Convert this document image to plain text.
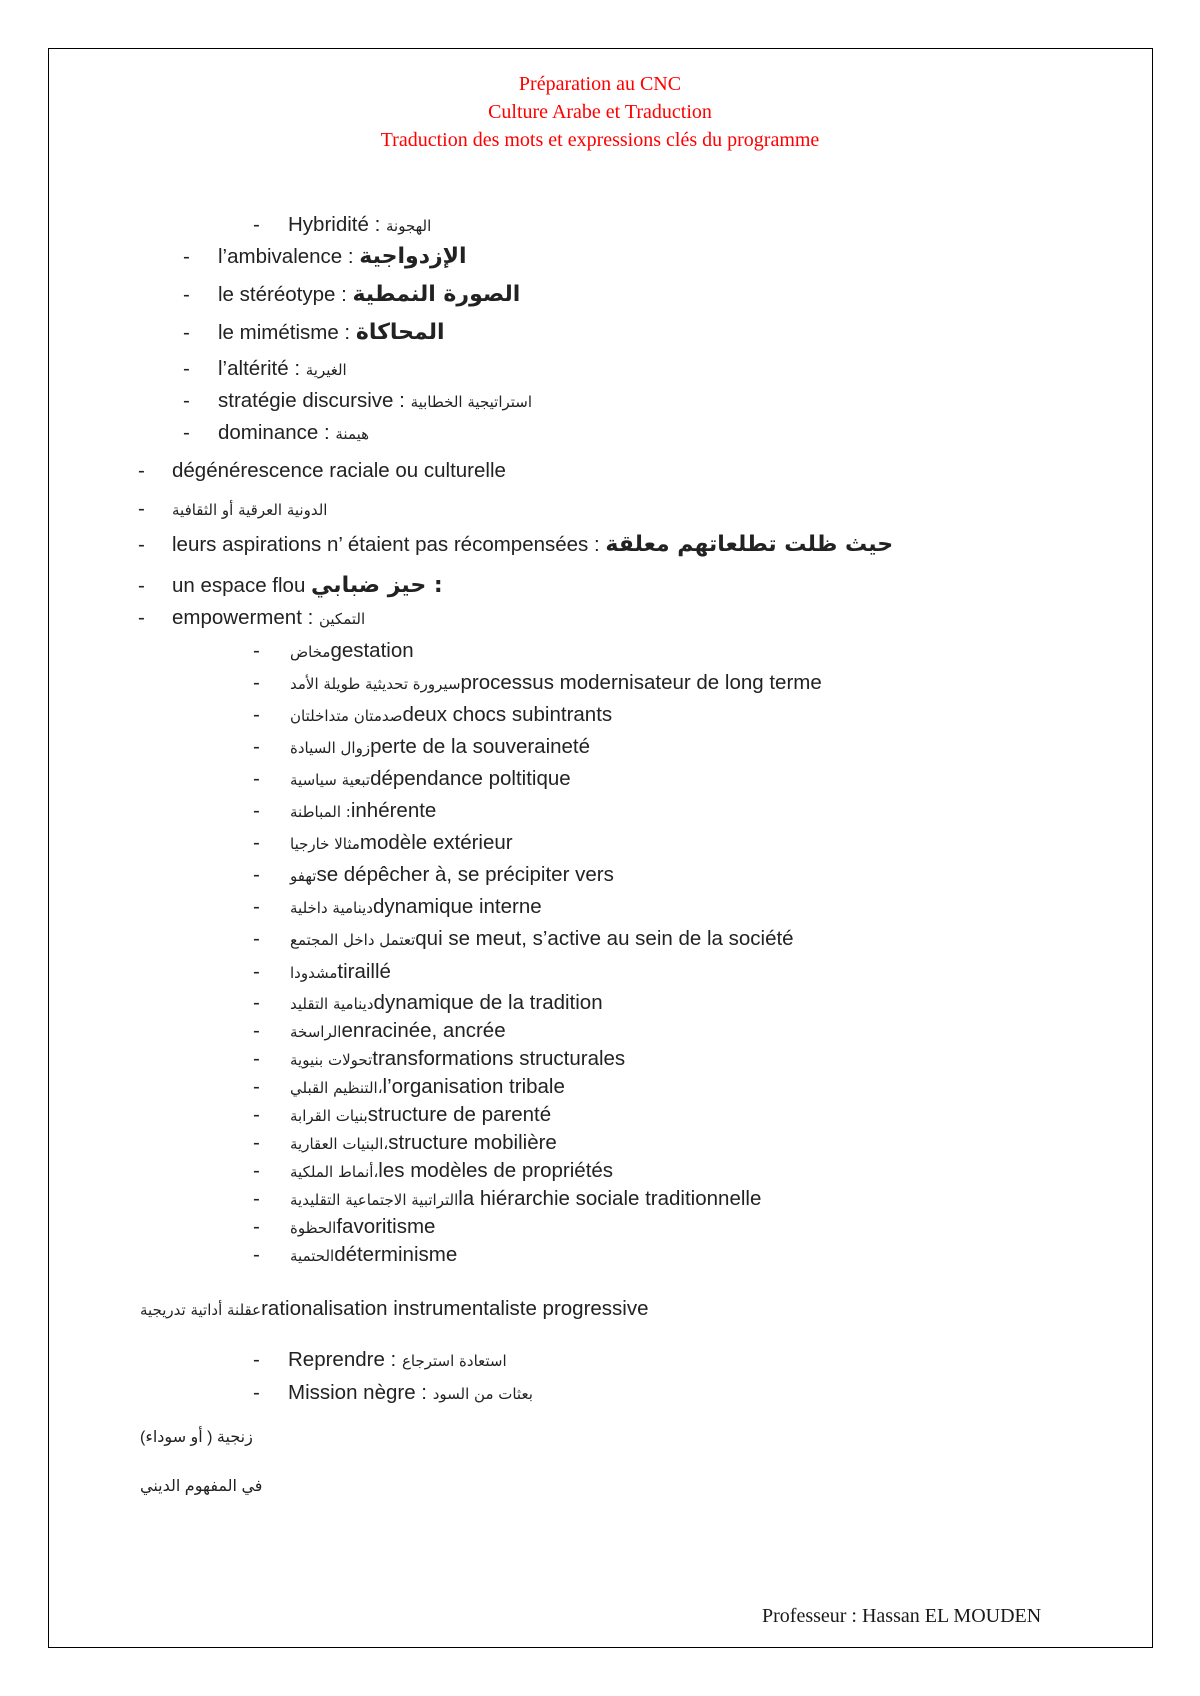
Préparation au CNC
Culture Arabe et Traduction
Traduction des mots et expressions clés du programme
- Hybridité : الهجونة
- l’ambivalence : الإزدواجية
- le stéréotype : الصورة النمطية
- le mimétisme : المحاكاة
- l’altérité : الغيرية
- stratégie discursive : استراتيجية الخطابية
- dominance : هيمنة
- dégénérescence raciale ou culturelle
- الدونية العرقية أو الثقافية
- leurs aspirations n’ étaient pas récompensées : حيث ظلت تطلعاتهم معلقة
- un espace flou حيز ضبابي :
- empowerment : التمكين
- مخاضgestation
- سيرورة تحديثية طويلة الأمدprocessus modernisateur de long terme
- صدمتان متداخلتانdeux chocs subintrants
- زوال السيادةperte de la souveraineté
- تبعية سياسيةdépendance poltitique
- المباطنة :inhérente
- مثالا خارجياmodèle extérieur
- تهفوse dépêcher à, se précipiter vers
- دينامية داخليةdynamique interne
- تعتمل داخل المجتمعqui se meut, s’active au sein de la société
- مشدوداtiraillé
- دينامية التقليدdynamique de la tradition
- الراسخةenracinée, ancrée
- تحولات بنيويةtransformations structurales
- التنظيم القبلي،l’organisation tribale
- بنيات القرابةstructure de parenté
- البنيات العقارية،structure mobilière
- أنماط الملكية،les modèles de propriétés
- التراتبية الاجتماعية التقليديةla hiérarchie sociale traditionnelle
- الحظوةfavoritisme
- الحتميةdéterminisme
عقلنة أداتية تدريجيةrationalisation instrumentaliste progressive
- Reprendre : استعادة استرجاع
- Mission nègre : بعثات من السود
زنجية ( أو سوداء)
في المفهوم الديني
Professeur : Hassan EL MOUDEN
